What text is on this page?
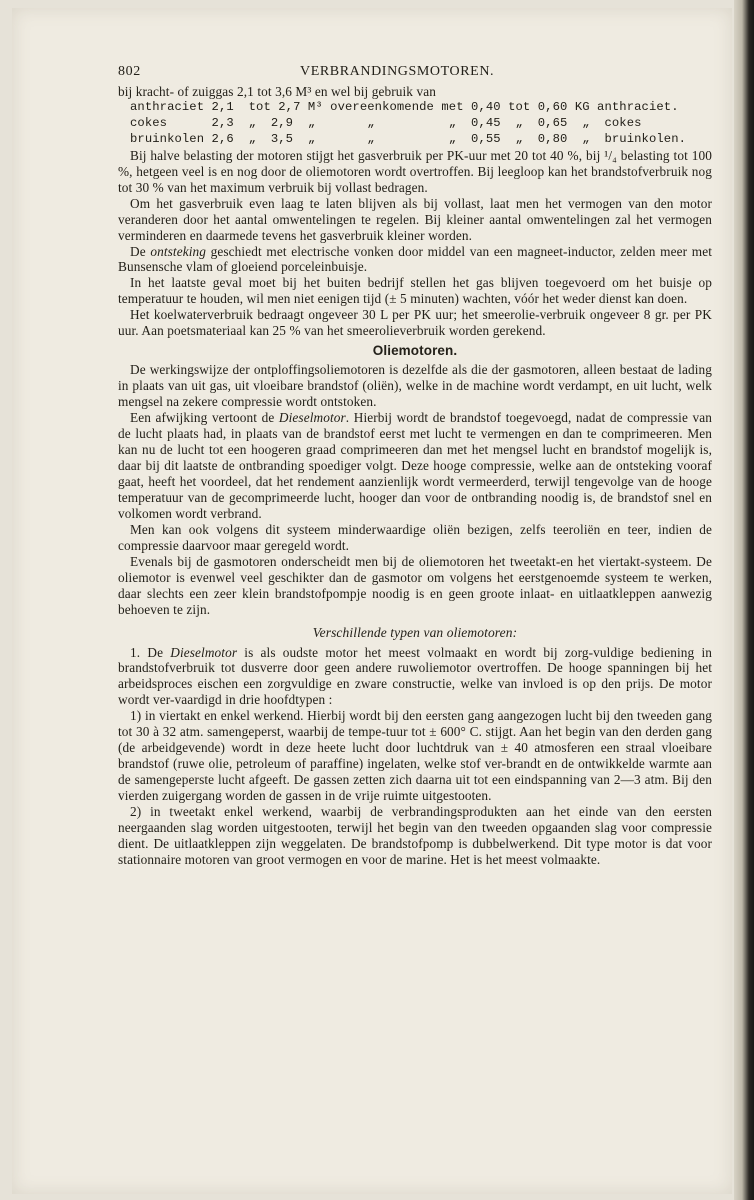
802	VERBRANDINGSMOTOREN.

bij kracht- of zuiggas 2,1 tot 3,6 M³ en wel bij gebruik van

anthraciet 2,1  tot 2,7 M³ overeenkomende met 0,40 tot 0,60 KG anthraciet.
cokes      2,3  „  2,9  „       „          „  0,45  „  0,65  „  cokes
bruinkolen 2,6  „  3,5  „       „          „  0,55  „  0,80  „  bruinkolen.

Bij halve belasting der motoren stijgt het gasverbruik per PK-uur met 20 tot 40 %, bij ¹/₄ belasting tot 100 %, hetgeen veel is en nog door de oliemotoren wordt overtroffen. Bij leegloop kan het brandstofverbruik nog tot 30 % van het maximum verbruik bij vollast bedragen.

Om het gasverbruik even laag te laten blijven als bij vollast, laat men het vermogen van den motor veranderen door het aantal omwentelingen te regelen. Bij kleiner aantal omwentelingen zal het vermogen verminderen en daarmede tevens het gasverbruik kleiner worden.

De ontsteking geschiedt met electrische vonken door middel van een magneet-inductor, zelden meer met Bunsensche vlam of gloeiend porceleinbuisje.

In het laatste geval moet bij het buiten bedrijf stellen het gas blijven toegevoerd om het buisje op temperatuur te houden, wil men niet eenigen tijd (± 5 minuten) wachten, vóór het weder dienst kan doen.

Het koelwaterverbruik bedraagt ongeveer 30 L per PK uur; het smeerolie-verbruik ongeveer 8 gr. per PK uur. Aan poetsmateriaal kan 25 % van het smeerolieverbruik worden gerekend.

Oliemotoren.

De werkingswijze der ontploffingsoliemotoren is dezelfde als die der gasmotoren, alleen bestaat de lading in plaats van uit gas, uit vloeibare brandstof (oliën), welke in de machine wordt verdampt, en uit lucht, welk mengsel na zekere compressie wordt ontstoken.

Een afwijking vertoont de Dieselmotor. Hierbij wordt de brandstof toegevoegd, nadat de compressie van de lucht plaats had, in plaats van de brandstof eerst met lucht te vermengen en dan te comprimeeren. Men kan nu de lucht tot een hoogeren graad comprimeeren dan met het mengsel lucht en brandstof mogelijk is, daar bij dit laatste de ontbranding spoediger volgt. Deze hooge compressie, welke aan de ontsteking vooraf gaat, heeft het voordeel, dat het rendement aanzienlijk wordt vermeerderd, terwijl tengevolge van de hooge temperatuur van de gecomprimeerde lucht, hooger dan voor de ontbranding noodig is, de brandstof snel en volkomen wordt verbrand.

Men kan ook volgens dit systeem minderwaardige oliën bezigen, zelfs teeroliën en teer, indien de compressie daarvoor maar geregeld wordt.

Evenals bij de gasmotoren onderscheidt men bij de oliemotoren het tweetakt-en het viertakt-systeem. De oliemotor is evenwel veel geschikter dan de gasmotor om volgens het eerstgenoemde systeem te werken, daar slechts een zeer klein brandstofpompje noodig is en geen groote inlaat- en uitlaatkleppen aanwezig behoeven te zijn.

Verschillende typen van oliemotoren:

1. De Dieselmotor is als oudste motor het meest volmaakt en wordt bij zorg-vuldige bediening in brandstofverbruik tot dusverre door geen andere ruwoliemotor overtroffen. De hooge spanningen bij het arbeidsproces eischen een zorgvuldige en zware constructie, welke van invloed is op den prijs. De motor wordt ver-vaardigd in drie hoofdtypen :

1) in viertakt en enkel werkend. Hierbij wordt bij den eersten gang aangezogen lucht bij den tweeden gang tot 30 à 32 atm. samengeperst, waarbij de tempe-tuur tot ± 600° C. stijgt. Aan het begin van den derden gang (de arbeidgevende) wordt in deze heete lucht door luchtdruk van ± 40 atmosferen een straal vloeibare brandstof (ruwe olie, petroleum of paraffine) ingelaten, welke stof ver-brandt en de ontwikkelde warmte aan de samengeperste lucht afgeeft. De gassen zetten zich daarna uit tot een eindspanning van 2—3 atm. Bij den vierden zuigergang worden de gassen in de vrije ruimte uitgestooten.

2) in tweetakt enkel werkend, waarbij de verbrandingsprodukten aan het einde van den eersten neergaanden slag worden uitgestooten, terwijl het begin van den tweeden opgaanden slag voor compressie dient. De uitlaatkleppen zijn weggelaten. De brandstofpomp is dubbelwerkend. Dit type motor is dat voor stationnaire motoren van groot vermogen en voor de marine. Het is het meest volmaakte.
